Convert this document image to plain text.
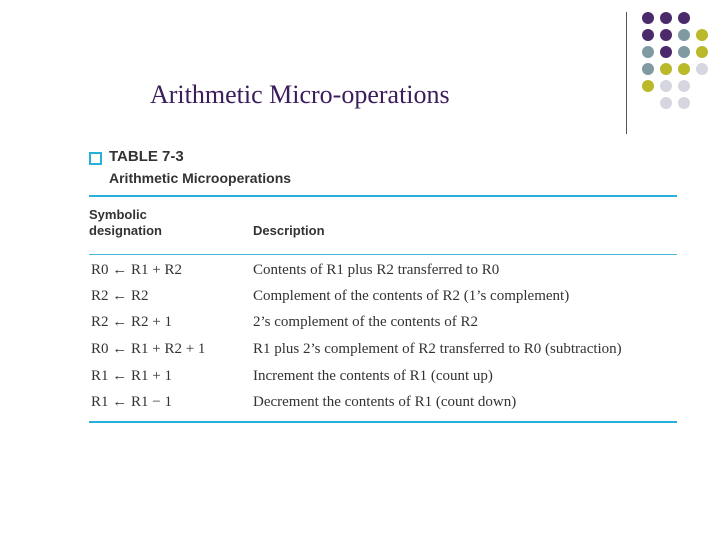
Arithmetic Micro-operations
TABLE 7-3
Arithmetic Microoperations
Symbolic designation	Description
R0 ← R1 + R2	Contents of R1 plus R2 transferred to R0
R2 ← R2	Complement of the contents of R2 (1’s complement)
R2 ← R2 + 1	2’s complement of the contents of R2
R0 ← R1 + R2 + 1	R1 plus 2’s complement of R2 transferred to R0 (subtraction)
R1 ← R1 + 1	Increment the contents of R1 (count up)
R1 ← R1 − 1	Decrement the contents of R1 (count down)
